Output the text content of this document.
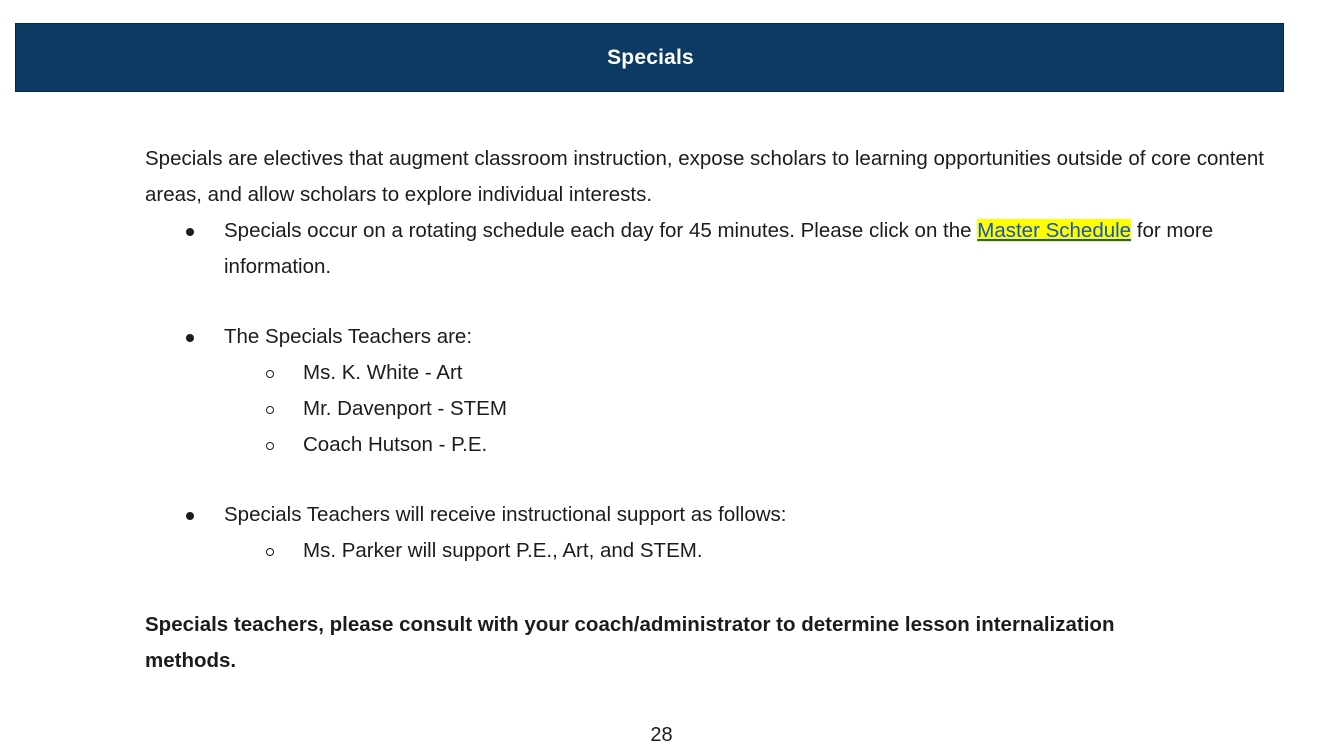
Specials

Specials are electives that augment classroom instruction, expose scholars to learning opportunities outside of core content areas, and allow scholars to explore individual interests.

Specials occur on a rotating schedule each day for 45 minutes. Please click on the Master Schedule for more information.
The Specials Teachers are:
Ms. K. White - Art
Mr. Davenport - STEM
Coach Hutson - P.E.
Specials Teachers will receive instructional support as follows:
Ms. Parker will support P.E., Art, and STEM.

Specials teachers, please consult with your coach/administrator to determine lesson internalization methods.

28
